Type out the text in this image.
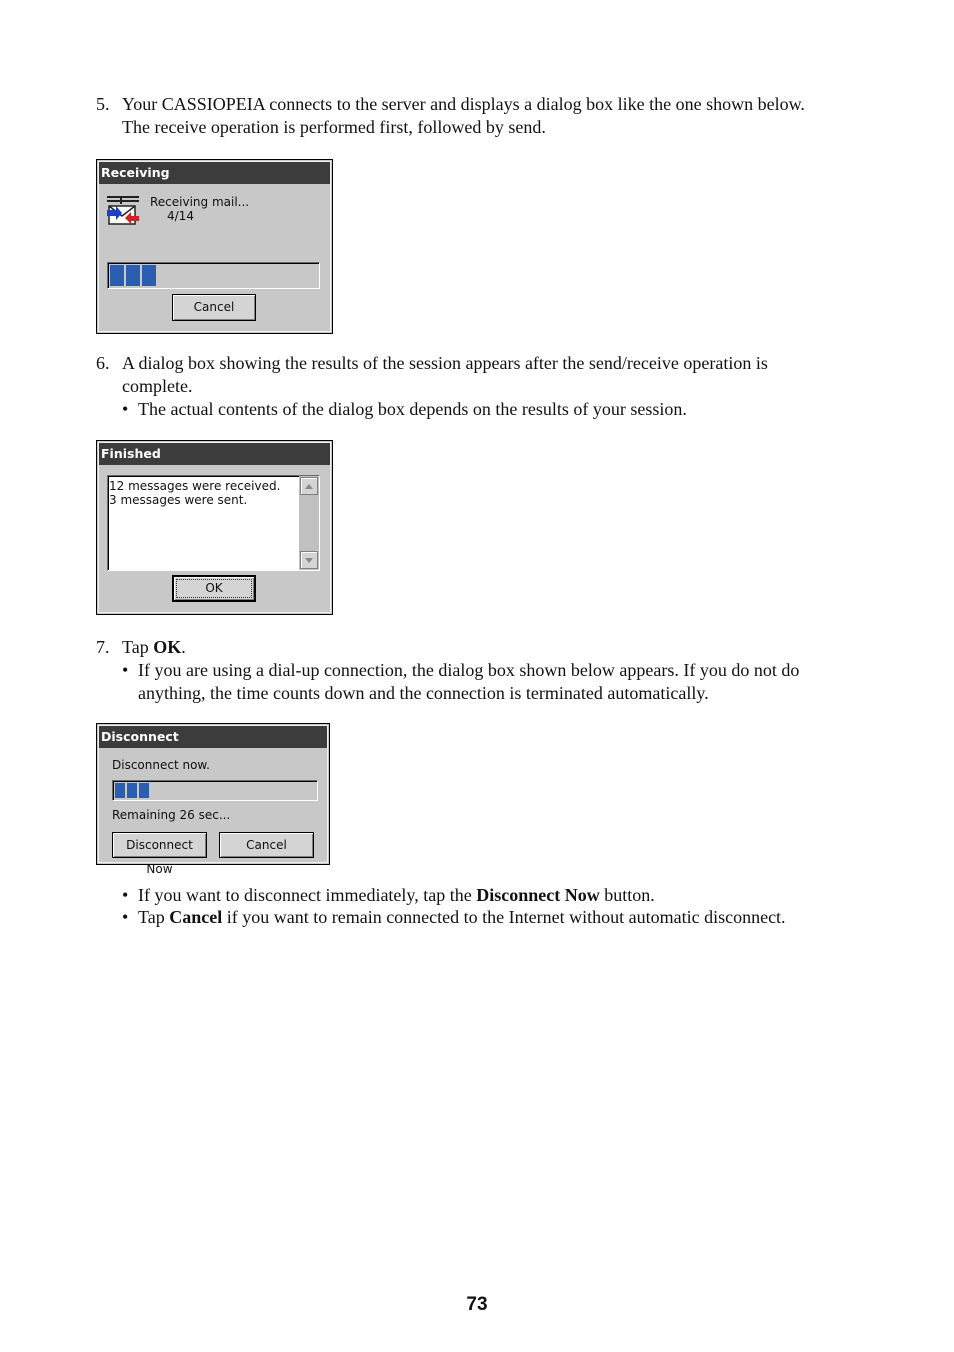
5. Your CASSIOPEIA connects to the server and displays a dialog box like the one shown below.
The receive operation is performed first, followed by send.
Receiving
Receiving mail...
4/14
Cancel
6. A dialog box showing the results of the session appears after the send/receive operation is
complete.
• The actual contents of the dialog box depends on the results of your session.
Finished
12 messages were received.
3 messages were sent.
OK
7. Tap OK.
• If you are using a dial-up connection, the dialog box shown below appears. If you do not do
anything, the time counts down and the connection is terminated automatically.
Disconnect
Disconnect now.
Remaining 26 sec...
Disconnect Now
Cancel
• If you want to disconnect immediately, tap the Disconnect Now button.
• Tap Cancel if you want to remain connected to the Internet without automatic disconnect.
73
